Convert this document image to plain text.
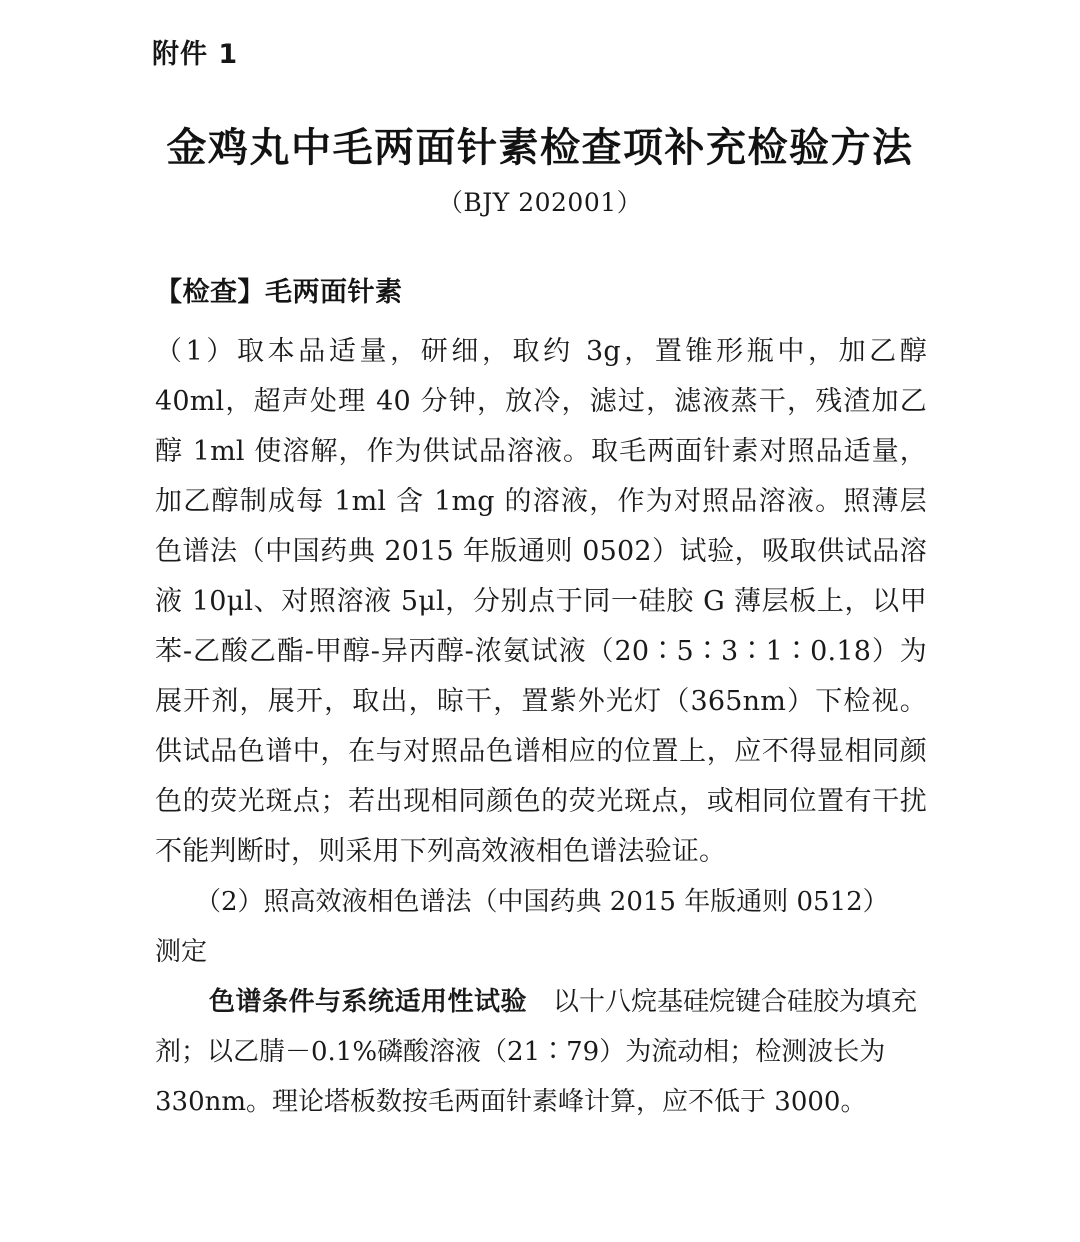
附件 1
金鸡丸中毛两面针素检查项补充检验方法
（BJY 202001）
【检查】毛两面针素

（1）取本品适量，研细，取约 3g，置锥形瓶中，加乙醇 40ml，超声处理 40 分钟，放冷，滤过，滤液蒸干，残渣加乙醇 1ml 使溶解，作为供试品溶液。取毛两面针素对照品适量，加乙醇制成每 1ml 含 1mg 的溶液，作为对照品溶液。照薄层色谱法（中国药典 2015 年版通则 0502）试验，吸取供试品溶液 10μl、对照溶液 5μl，分别点于同一硅胶 G 薄层板上，以甲苯-乙酸乙酯-甲醇-异丙醇-浓氨试液（20∶5∶3∶1∶0.18）为展开剂，展开，取出，晾干，置紫外光灯（365nm）下检视。供试品色谱中，在与对照品色谱相应的位置上，应不得显相同颜色的荧光斑点；若出现相同颜色的荧光斑点，或相同位置有干扰不能判断时，则采用下列高效液相色谱法验证。

（2）照高效液相色谱法（中国药典 2015 年版通则 0512）

测定

色谱条件与系统适用性试验 以十八烷基硅烷键合硅胶为填充剂；以乙腈－0.1%磷酸溶液（21∶79）为流动相；检测波长为 330nm。理论塔板数按毛两面针素峰计算，应不低于 3000。
